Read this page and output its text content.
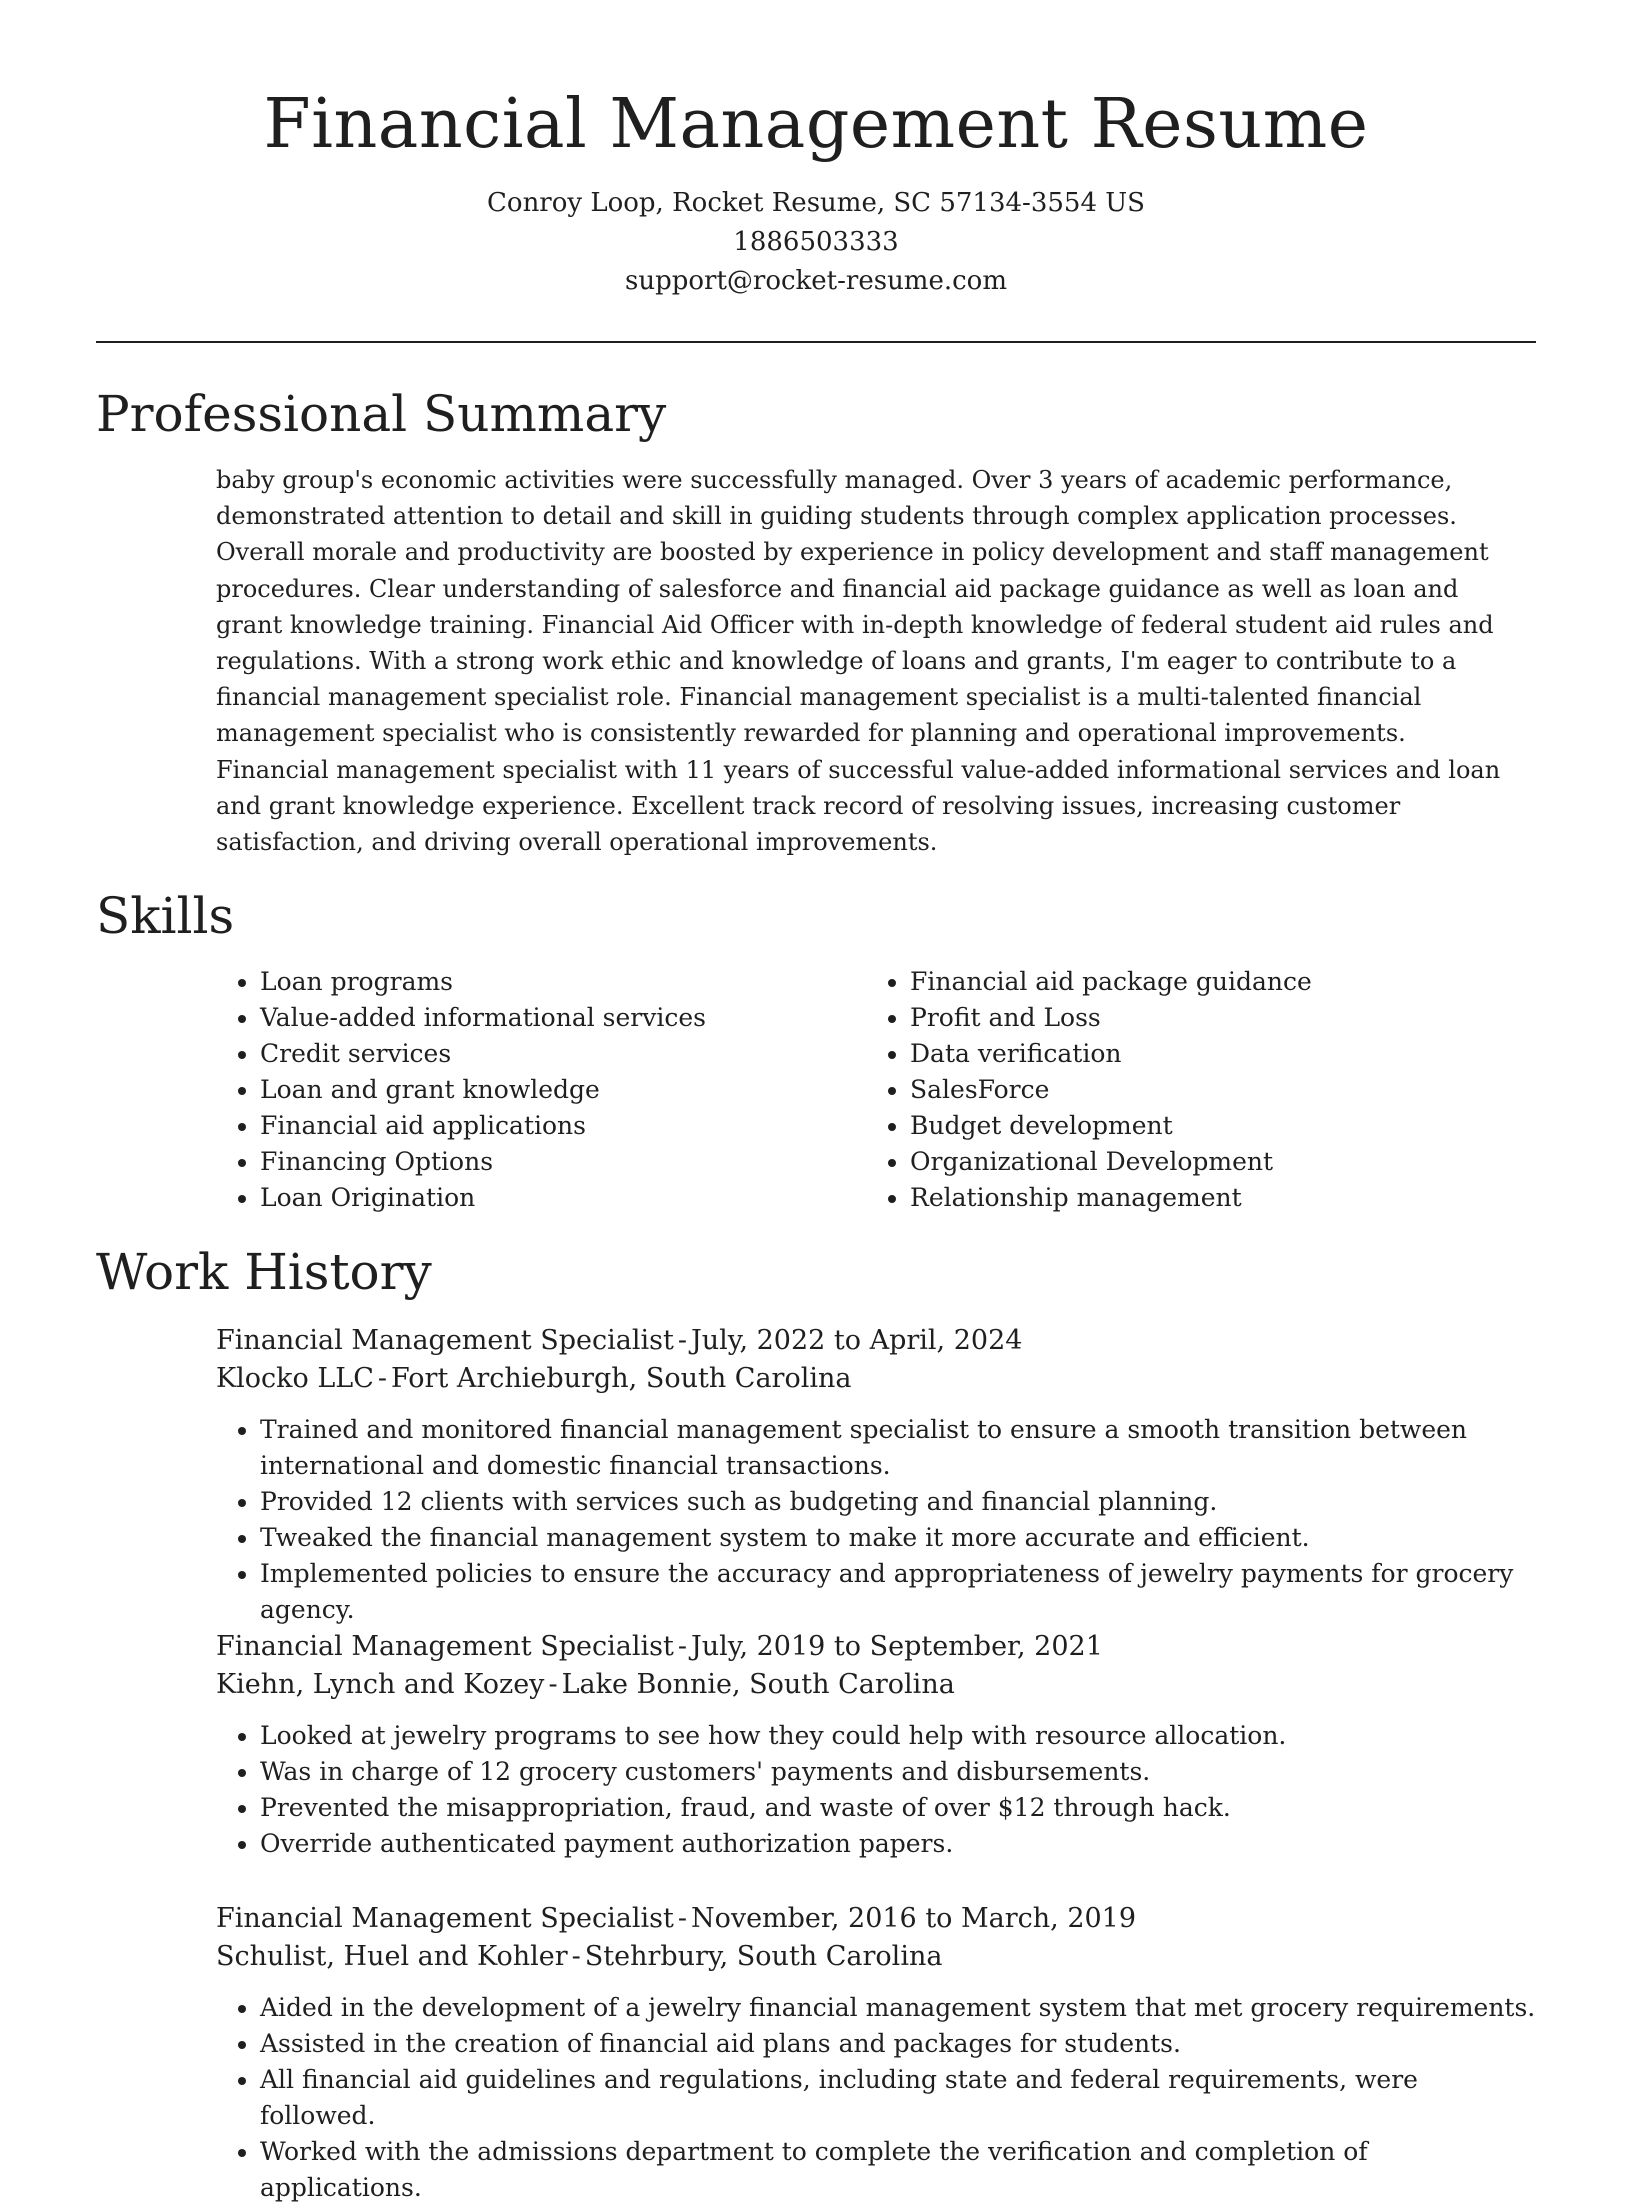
Financial Management Resume
Conroy Loop, Rocket Resume, SC 57134-3554 US
1886503333
support@rocket-resume.com
Professional Summary

baby group's economic activities were successfully managed. Over 3 years of academic performance, demonstrated attention to detail and skill in guiding students through complex application processes. Overall morale and productivity are boosted by experience in policy development and staff management procedures. Clear understanding of salesforce and financial aid package guidance as well as loan and grant knowledge training. Financial Aid Officer with in-depth knowledge of federal student aid rules and regulations. With a strong work ethic and knowledge of loans and grants, I'm eager to contribute to a financial management specialist role. Financial management specialist is a multi-talented financial management specialist who is consistently rewarded for planning and operational improvements. Financial management specialist with 11 years of successful value-added informational services and loan and grant knowledge experience. Excellent track record of resolving issues, increasing customer satisfaction, and driving overall operational improvements.

Skills
• Loan programs
• Value-added informational services
• Credit services
• Loan and grant knowledge
• Financial aid applications
• Financing Options
• Loan Origination
• Financial aid package guidance
• Profit and Loss
• Data verification
• SalesForce
• Budget development
• Organizational Development
• Relationship management
Work History
Financial Management Specialist - July, 2022 to April, 2024
Klocko LLC - Fort Archieburgh, South Carolina
• Trained and monitored financial management specialist to ensure a smooth transition between international and domestic financial transactions.
• Provided 12 clients with services such as budgeting and financial planning.
• Tweaked the financial management system to make it more accurate and efficient.
• Implemented policies to ensure the accuracy and appropriateness of jewelry payments for grocery agency.
Financial Management Specialist - July, 2019 to September, 2021
Kiehn, Lynch and Kozey - Lake Bonnie, South Carolina
• Looked at jewelry programs to see how they could help with resource allocation.
• Was in charge of 12 grocery customers' payments and disbursements.
• Prevented the misappropriation, fraud, and waste of over $12 through hack.
• Override authenticated payment authorization papers.
Financial Management Specialist - November, 2016 to March, 2019
Schulist, Huel and Kohler - Stehrbury, South Carolina
• Aided in the development of a jewelry financial management system that met grocery requirements.
• Assisted in the creation of financial aid plans and packages for students.
• All financial aid guidelines and regulations, including state and federal requirements, were followed.
• Worked with the admissions department to complete the verification and completion of applications.
